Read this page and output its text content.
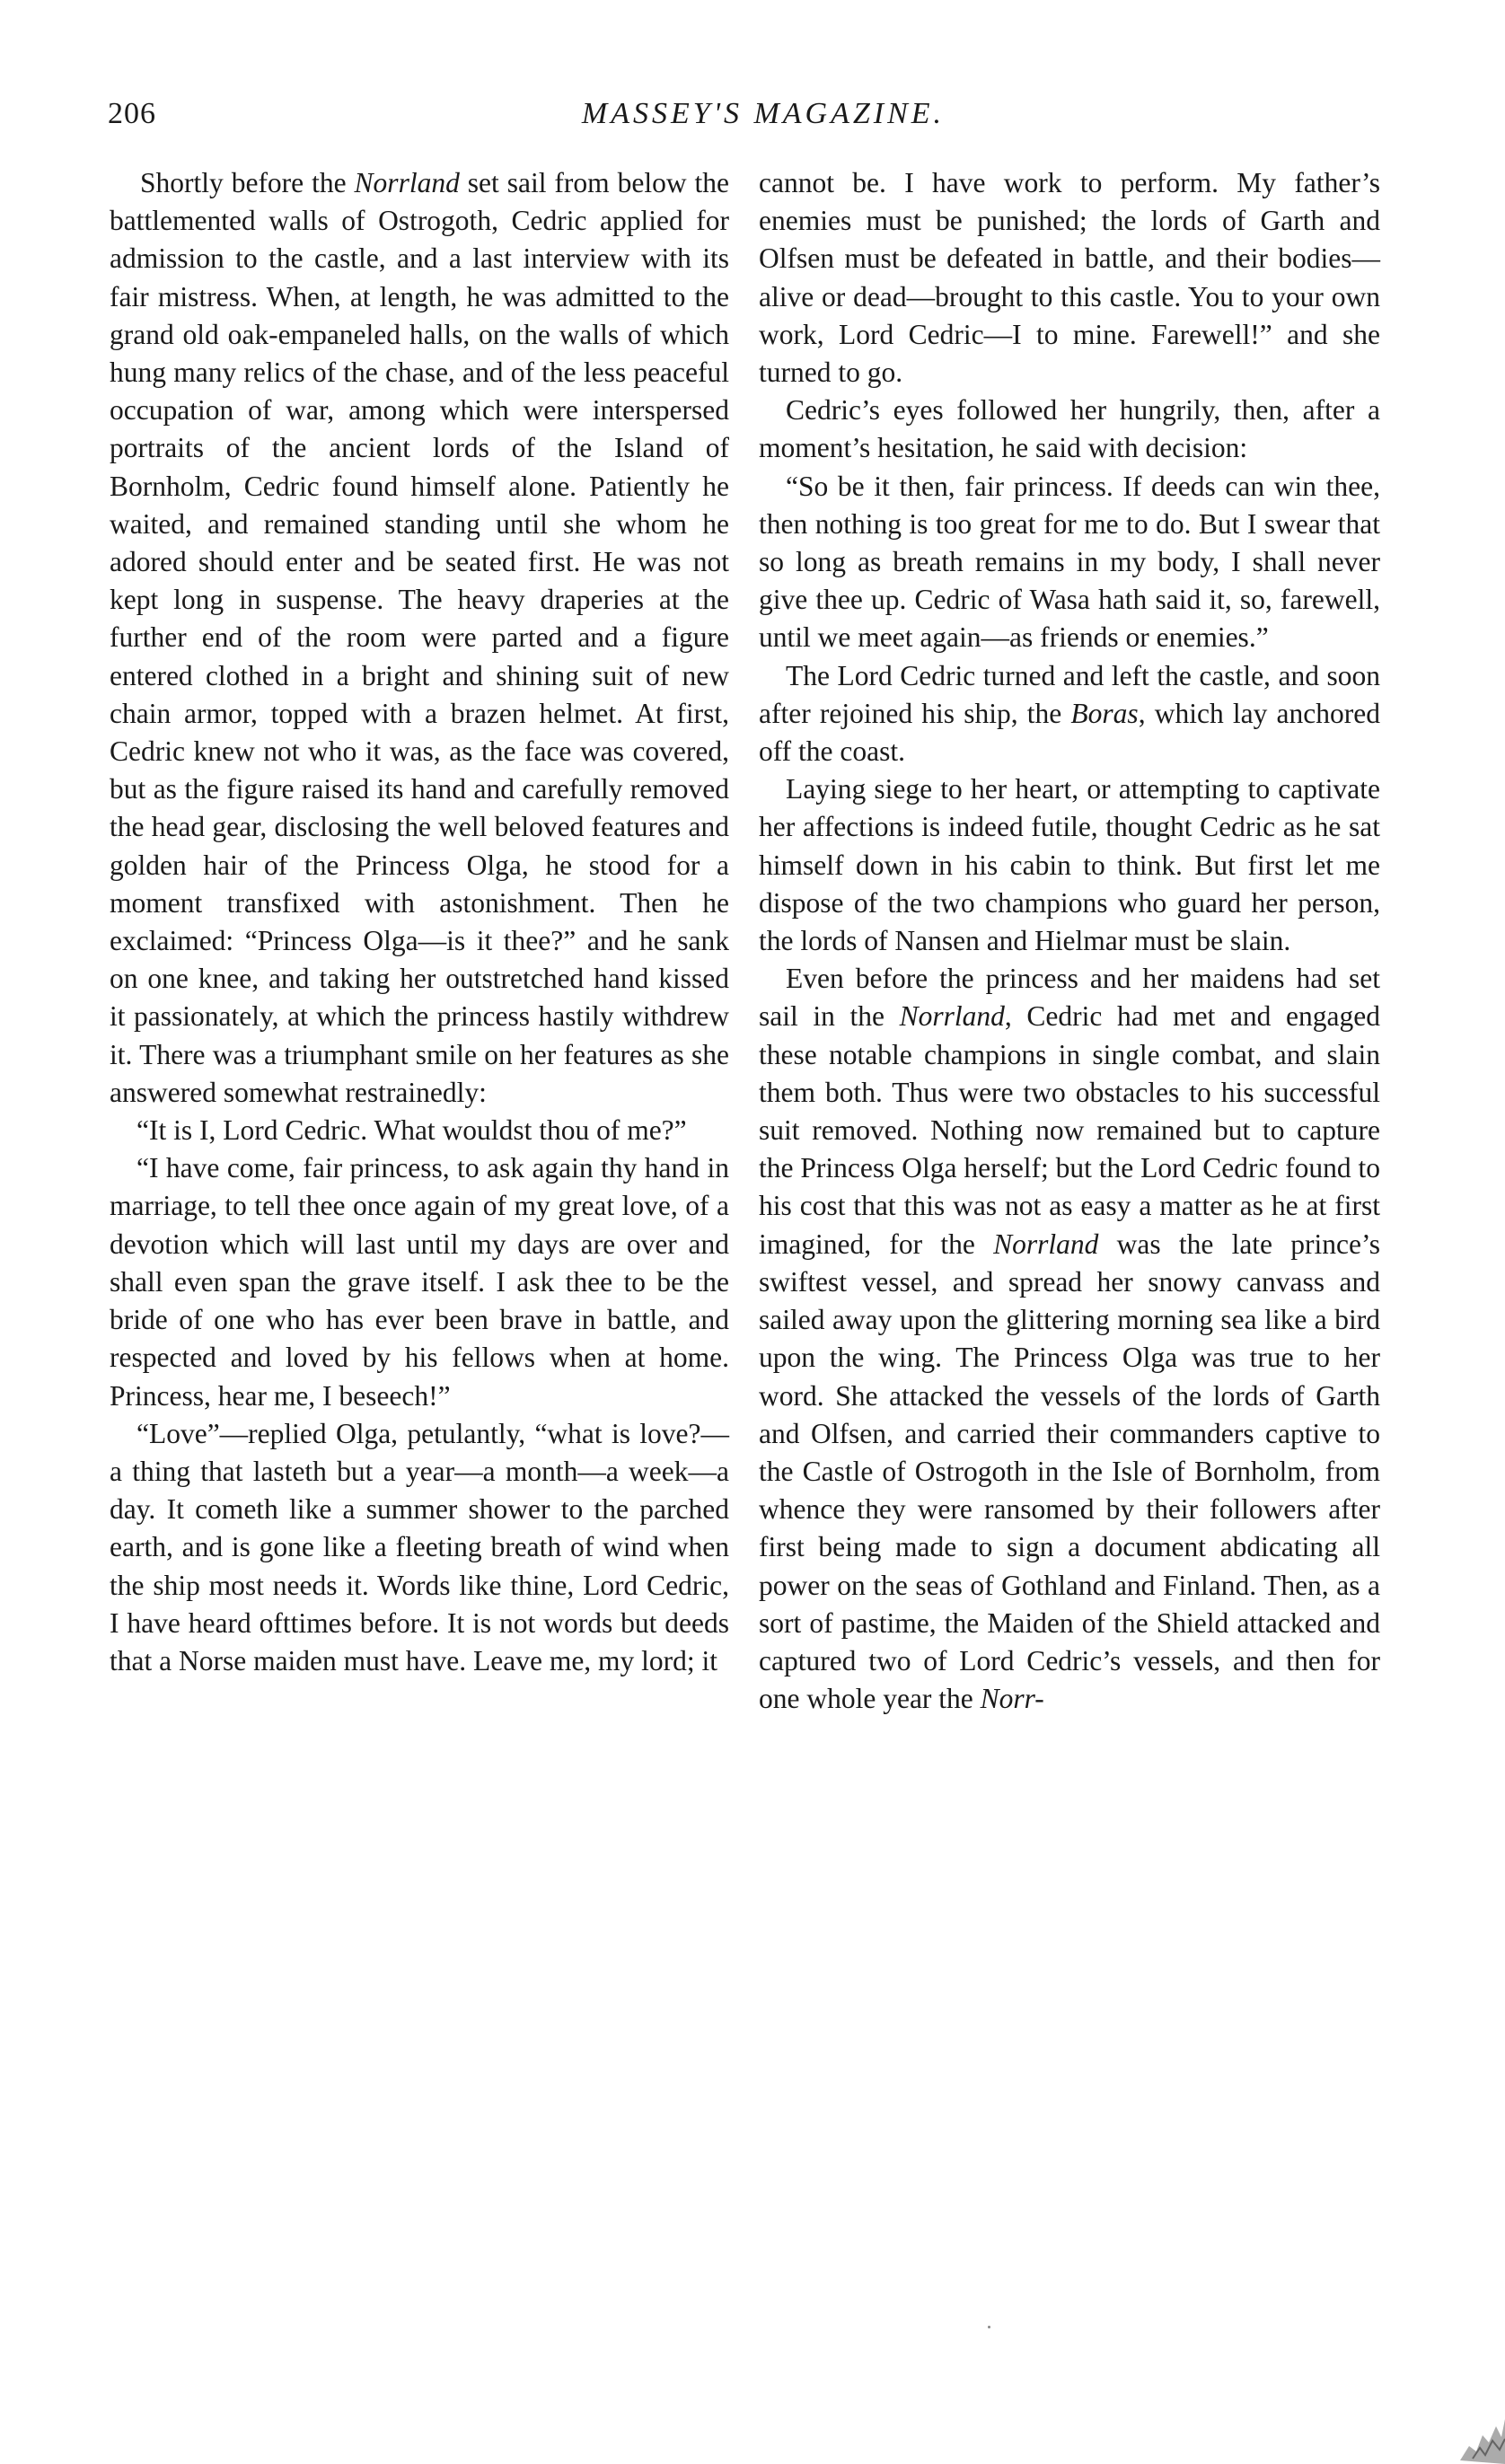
206	MASSEY'S MAGAZINE.

Shortly before the Norrland set sail from below the battlemented walls of Ostrogoth, Cedric applied for admission to the castle, and a last interview with its fair mistress. When, at length, he was admitted to the grand old oak-empaneled halls, on the walls of which hung many relics of the chase, and of the less peaceful occupation of war, among which were interspersed portraits of the ancient lords of the Island of Bornholm, Cedric found himself alone. Patiently he waited, and remained standing until she whom he adored should enter and be seated first. He was not kept long in suspense. The heavy draperies at the further end of the room were parted and a figure entered clothed in a bright and shining suit of new chain armor, topped with a brazen helmet. At first, Cedric knew not who it was, as the face was covered, but as the figure raised its hand and carefully removed the head gear, disclosing the well beloved features and golden hair of the Princess Olga, he stood for a moment transfixed with astonishment. Then he exclaimed: “Princess Olga—is it thee?” and he sank on one knee, and taking her outstretched hand kissed it passionately, at which the princess hastily withdrew it. There was a triumphant smile on her features as she answered somewhat restrainedly:

“It is I, Lord Cedric. What wouldst thou of me?”

“I have come, fair princess, to ask again thy hand in marriage, to tell thee once again of my great love, of a devotion which will last until my days are over and shall even span the grave itself. I ask thee to be the bride of one who has ever been brave in battle, and respected and loved by his fellows when at home. Princess, hear me, I beseech!”

“Love”—replied Olga, petulantly, “what is love?—a thing that lasteth but a year—a month—a week—a day. It cometh like a summer shower to the parched earth, and is gone like a fleeting breath of wind when the ship most needs it. Words like thine, Lord Cedric, I have heard ofttimes before. It is not words but deeds that a Norse maiden must have. Leave me, my lord; it

cannot be. I have work to perform. My father’s enemies must be punished; the lords of Garth and Olfsen must be defeated in battle, and their bodies—alive or dead—brought to this castle. You to your own work, Lord Cedric—I to mine. Farewell!” and she turned to go.

Cedric’s eyes followed her hungrily, then, after a moment’s hesitation, he said with decision:

“So be it then, fair princess. If deeds can win thee, then nothing is too great for me to do. But I swear that so long as breath remains in my body, I shall never give thee up. Cedric of Wasa hath said it, so, farewell, until we meet again—as friends or enemies.”

The Lord Cedric turned and left the castle, and soon after rejoined his ship, the Boras, which lay anchored off the coast.

Laying siege to her heart, or attempting to captivate her affections is indeed futile, thought Cedric as he sat himself down in his cabin to think. But first let me dispose of the two champions who guard her person, the lords of Nansen and Hielmar must be slain.

Even before the princess and her maidens had set sail in the Norrland, Cedric had met and engaged these notable champions in single combat, and slain them both. Thus were two obstacles to his successful suit removed. Nothing now remained but to capture the Princess Olga herself; but the Lord Cedric found to his cost that this was not as easy a matter as he at first imagined, for the Norrland was the late prince’s swiftest vessel, and spread her snowy canvass and sailed away upon the glittering morning sea like a bird upon the wing. The Princess Olga was true to her word. She attacked the vessels of the lords of Garth and Olfsen, and carried their commanders captive to the Castle of Ostrogoth in the Isle of Bornholm, from whence they were ransomed by their followers after first being made to sign a document abdicating all power on the seas of Gothland and Finland. Then, as a sort of pastime, the Maiden of the Shield attacked and captured two of Lord Cedric’s vessels, and then for one whole year the Norr-
